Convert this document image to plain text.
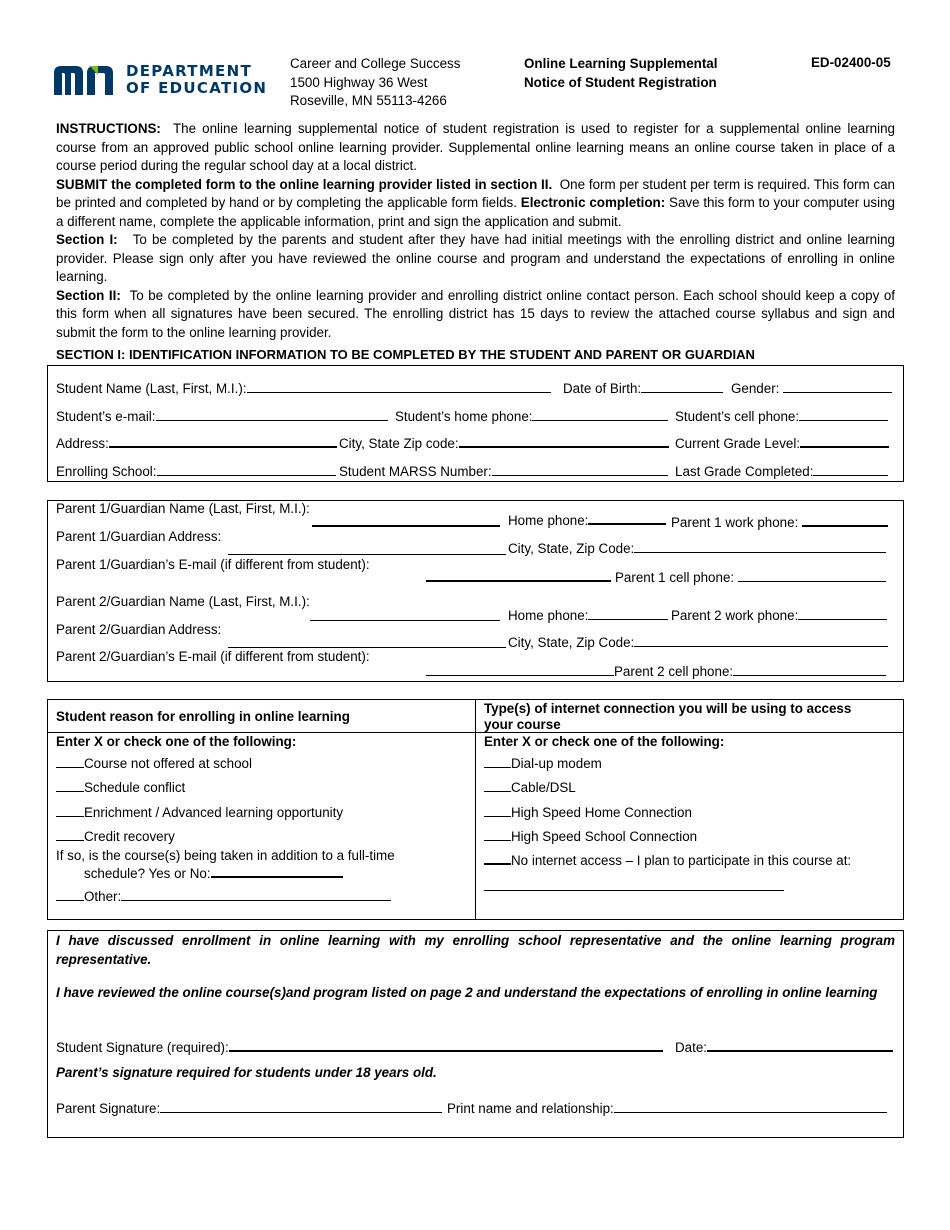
DEPARTMENT
OF EDUCATION
Career and College Success
1500 Highway 36 West
Roseville, MN 55113-4266
Online Learning Supplemental
Notice of Student Registration
ED-02400-05

INSTRUCTIONS: The online learning supplemental notice of student registration is used to register for a supplemental online learning course from an approved public school online learning provider. Supplemental online learning means an online course taken in place of a course period during the regular school day at a local district.

SUBMIT the completed form to the online learning provider listed in section II. One form per student per term is required. This form can be printed and completed by hand or by completing the applicable form fields. Electronic completion: Save this form to your computer using a different name, complete the applicable information, print and sign the application and submit.

Section I: To be completed by the parents and student after they have had initial meetings with the enrolling district and online learning provider. Please sign only after you have reviewed the online course and program and understand the expectations of enrolling in online learning.

Section II: To be completed by the online learning provider and enrolling district online contact person. Each school should keep a copy of this form when all signatures have been secured. The enrolling district has 15 days to review the attached course syllabus and sign and submit the form to the online learning provider.

SECTION I: IDENTIFICATION INFORMATION TO BE COMPLETED BY THE STUDENT AND PARENT OR GUARDIAN
Student Name (Last, First, M.I.):	Date of Birth:	Gender:
Student’s e-mail:	Student’s home phone:	Student’s cell phone:
Address:	City, State Zip code:	Current Grade Level:
Enrolling School:	Student MARSS Number:	Last Grade Completed:
Parent 1/Guardian Name (Last, First, M.I.):
Home phone:	Parent 1 work phone:
Parent 1/Guardian Address:
City, State, Zip Code:
Parent 1/Guardian’s E-mail (if different from student):
Parent 1 cell phone:
Parent 2/Guardian Name (Last, First, M.I.):
Home phone:	Parent 2 work phone:
Parent 2/Guardian Address:
City, State, Zip Code:
Parent 2/Guardian’s E-mail (if different from student):
Parent 2 cell phone:
Student reason for enrolling in online learning
Enter X or check one of the following:
Course not offered at school
Schedule conflict
Enrichment / Advanced learning opportunity
Credit recovery
If so, is the course(s) being taken in addition to a full-time
schedule? Yes or No:
Other:
Type(s) of internet connection you will be using to access
your course
Enter X or check one of the following:
Dial-up modem
Cable/DSL
High Speed Home Connection
High Speed School Connection
No internet access – I plan to participate in this course at:
I have discussed enrollment in online learning with my enrolling school representative and the online learning program representative.
I have reviewed the online course(s)and program listed on page 2 and understand the expectations of enrolling in online learning
Student Signature (required):	Date:
Parent’s signature required for students under 18 years old.
Parent Signature:	Print name and relationship:
